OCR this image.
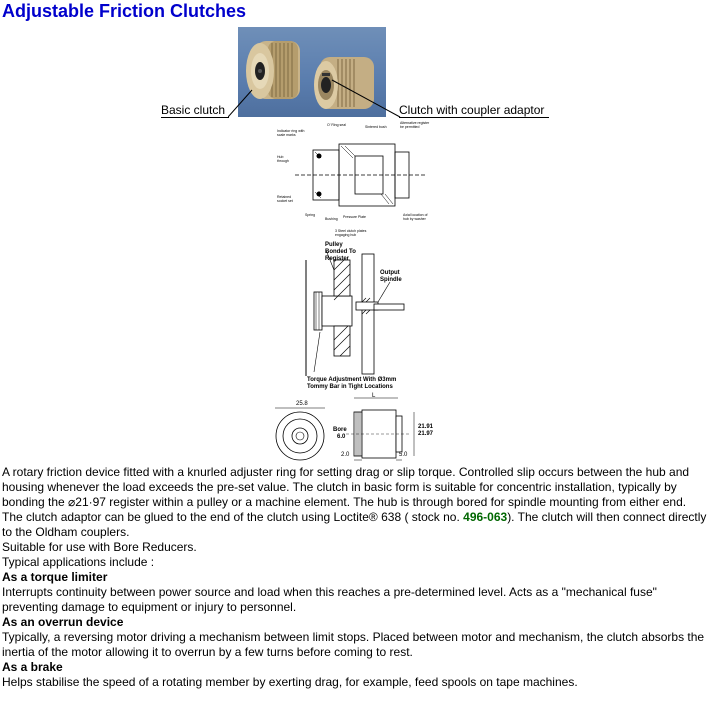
Adjustable Friction Clutches
Basic clutch	Clutch with coupler adaptor
Indicator ring with
scale marks
Hub
through
Retained
socket set
O' Ring seal	Sintered bush
Alternative register
be permitted
Spring
Bushing Pressure Plate
3 Steel clutch plates
engaging hub
Axial location of
hub by washer
Pulley Bonded To Register
Output Spindle
Torque Adjustment With Ø3mm
Tommy Bar in Tight Locations
25.8
L
Bore
6.0
21.91
21.97
2.0	5.0

A rotary friction device fitted with a knurled adjuster ring for setting drag or slip torque. Controlled slip occurs between the hub and housing whenever the load exceeds the pre-set value. The clutch in basic form is suitable for concentric installation, typically by bonding the ⌀21·97 register within a pulley or a machine element. The hub is through bored for spindle mounting from either end.

The clutch adaptor can be glued to the end of the clutch using Loctite® 638 ( stock no. 496-063). The clutch will then connect directly to the Oldham couplers.

Suitable for use with Bore Reducers.

Typical applications include :

As a torque limiter

Interrupts continuity between power source and load when this reaches a pre-determined level. Acts as a "mechanical fuse" preventing damage to equipment or injury to personnel.

As an overrun device

Typically, a reversing motor driving a mechanism between limit stops. Placed between motor and mechanism, the clutch absorbs the inertia of the motor allowing it to overrun by a few turns before coming to rest.

As a brake

Helps stabilise the speed of a rotating member by exerting drag, for example, feed spools on tape machines.
